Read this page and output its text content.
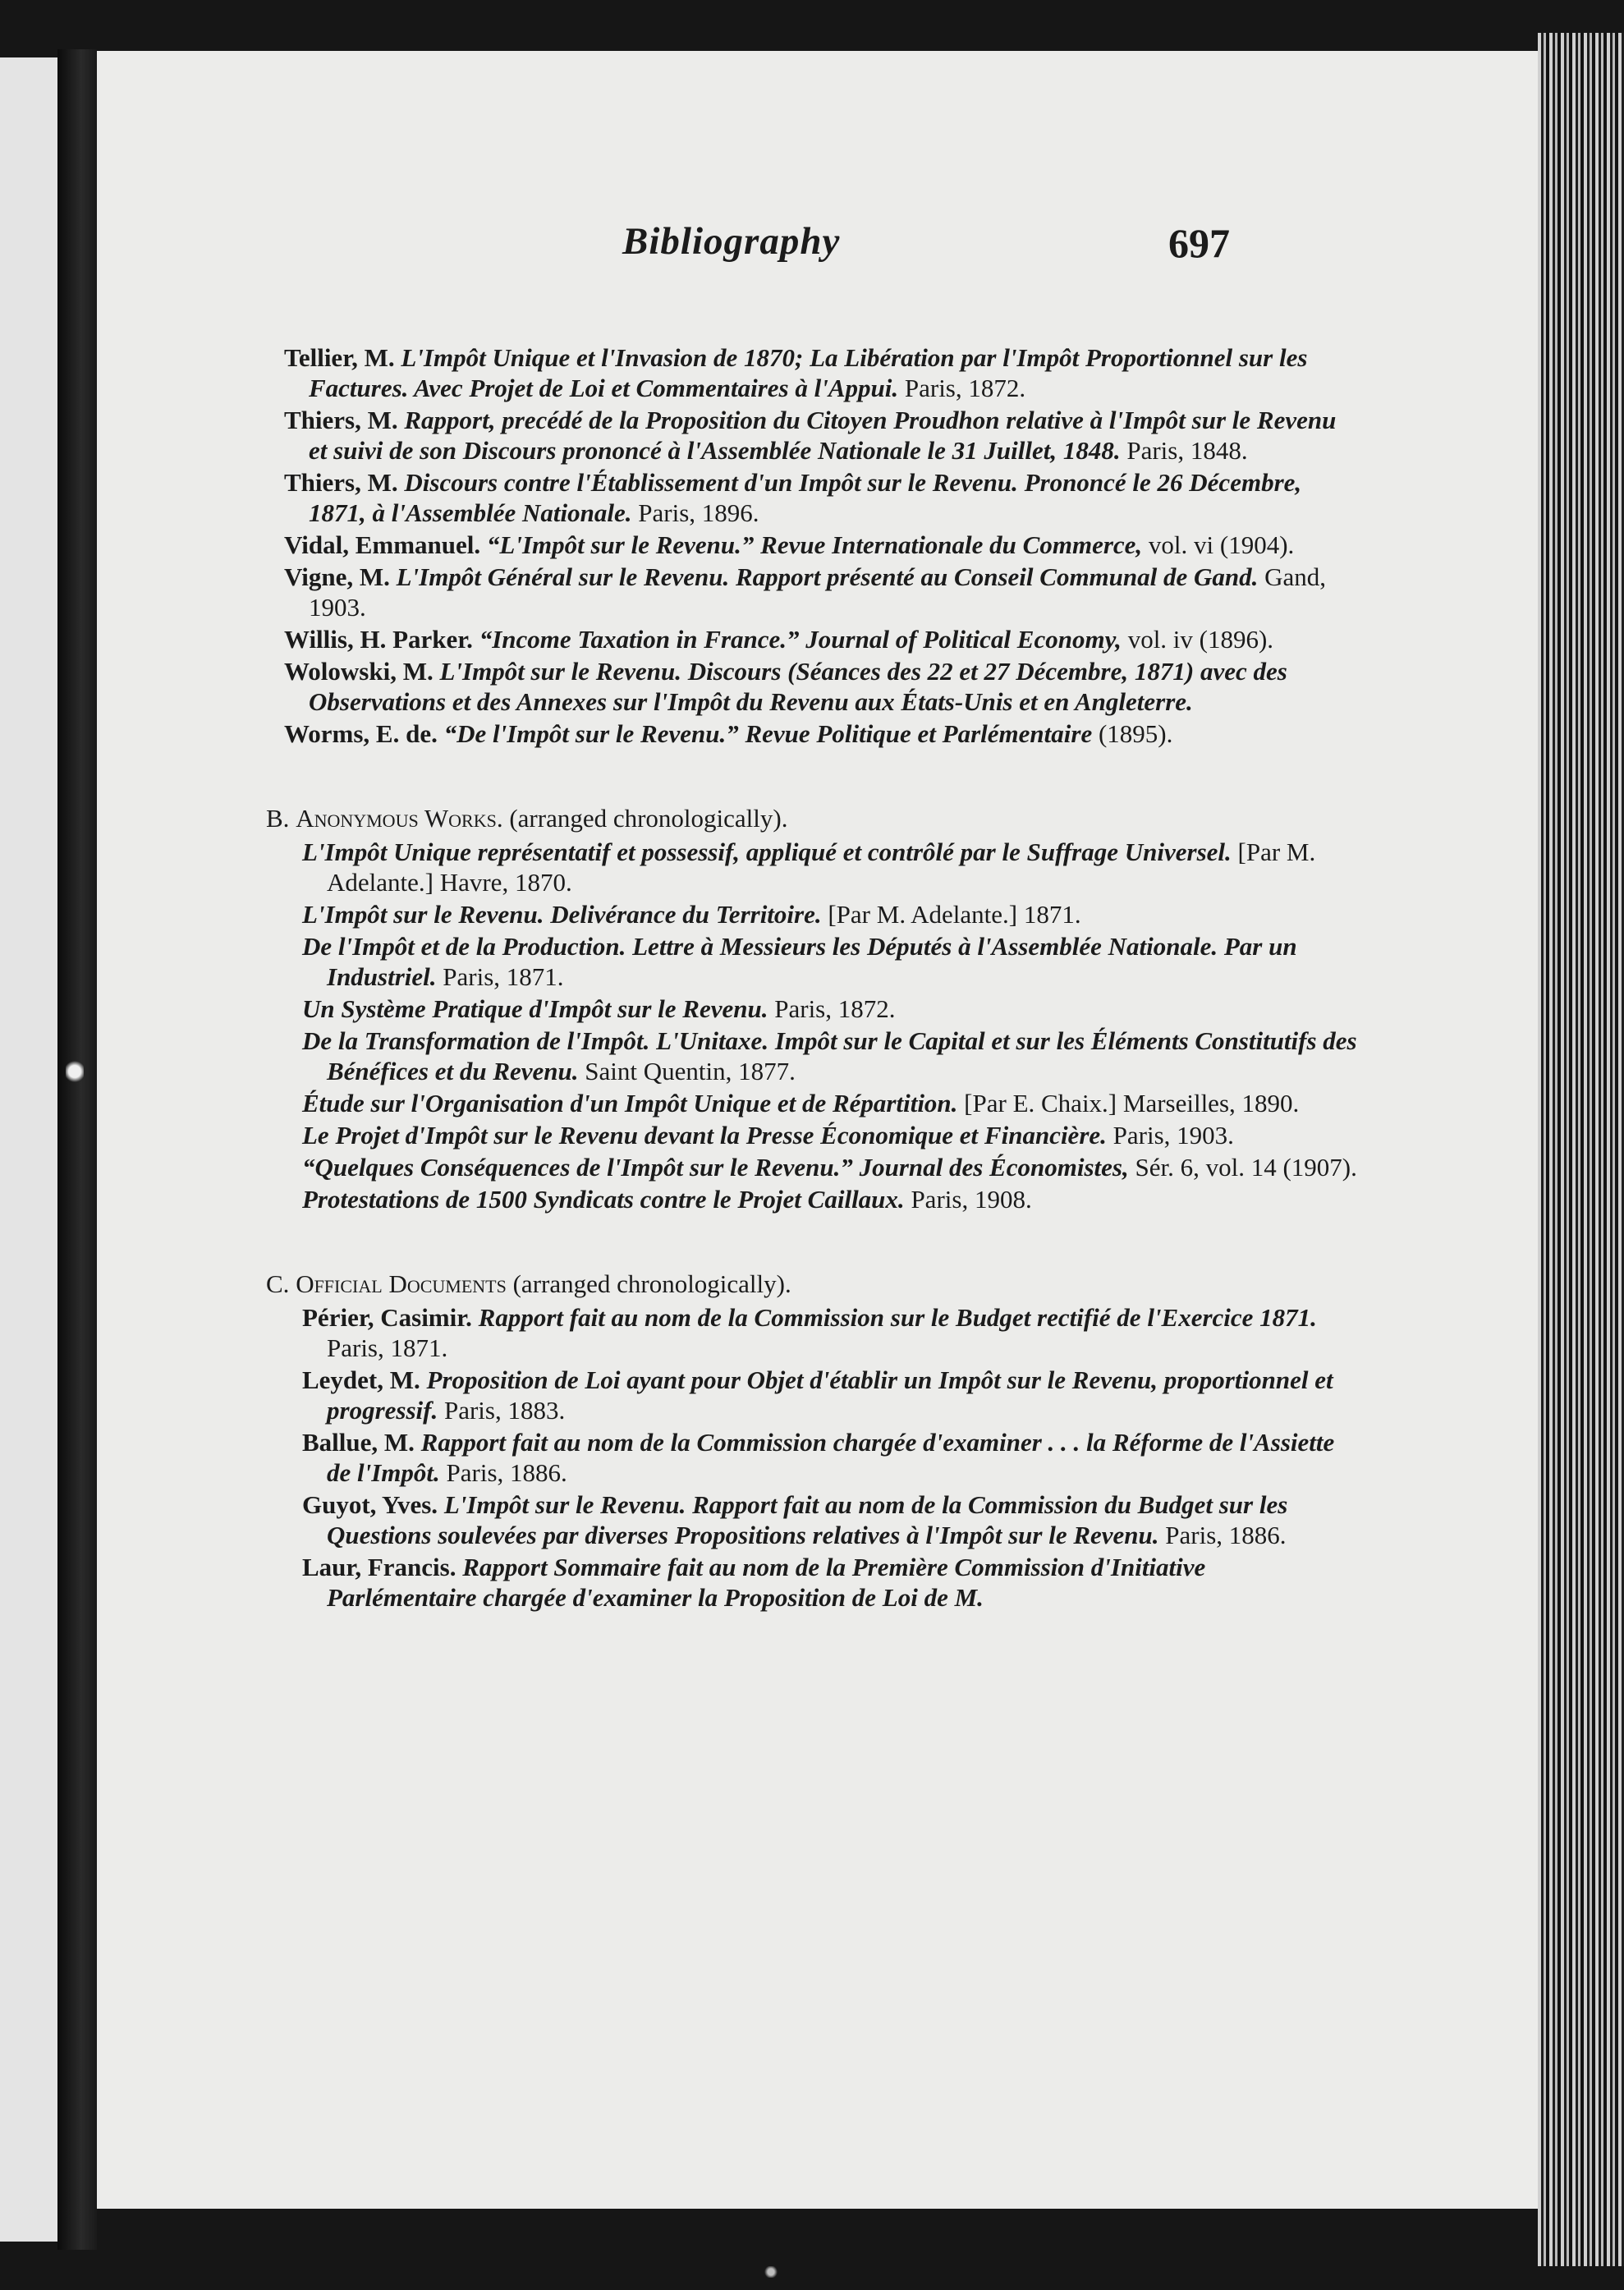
Bibliography	697
Tellier, M. L'Impôt Unique et l'Invasion de 1870; La Libération par l'Impôt Proportionnel sur les Factures. Avec Projet de Loi et Commentaires à l'Appui. Paris, 1872.
Thiers, M. Rapport, precédé de la Proposition du Citoyen Proudhon relative à l'Impôt sur le Revenu et suivi de son Discours prononcé à l'Assemblée Nationale le 31 Juillet, 1848. Paris, 1848.
Thiers, M. Discours contre l'Établissement d'un Impôt sur le Revenu. Prononcé le 26 Décembre, 1871, à l'Assemblée Nationale. Paris, 1896.
Vidal, Emmanuel. “L'Impôt sur le Revenu.” Revue Internationale du Commerce, vol. vi (1904).
Vigne, M. L'Impôt Général sur le Revenu. Rapport présenté au Conseil Communal de Gand. Gand, 1903.
Willis, H. Parker. “Income Taxation in France.” Journal of Political Economy, vol. iv (1896).
Wolowski, M. L'Impôt sur le Revenu. Discours (Séances des 22 et 27 Décembre, 1871) avec des Observations et des Annexes sur l'Impôt du Revenu aux États-Unis et en Angleterre.
Worms, E. de. “De l'Impôt sur le Revenu.” Revue Politique et Parlémentaire (1895).
B. Anonymous Works. (arranged chronologically).
L'Impôt Unique représentatif et possessif, appliqué et contrôlé par le Suffrage Universel. [Par M. Adelante.] Havre, 1870.
L'Impôt sur le Revenu. Delivérance du Territoire. [Par M. Adelante.] 1871.
De l'Impôt et de la Production. Lettre à Messieurs les Députés à l'Assemblée Nationale. Par un Industriel. Paris, 1871.
Un Système Pratique d'Impôt sur le Revenu. Paris, 1872.
De la Transformation de l'Impôt. L'Unitaxe. Impôt sur le Capital et sur les Éléments Constitutifs des Bénéfices et du Revenu. Saint Quentin, 1877.
Étude sur l'Organisation d'un Impôt Unique et de Répartition. [Par E. Chaix.] Marseilles, 1890.
Le Projet d'Impôt sur le Revenu devant la Presse Économique et Financière. Paris, 1903.
“Quelques Conséquences de l'Impôt sur le Revenu.” Journal des Économistes, Sér. 6, vol. 14 (1907).
Protestations de 1500 Syndicats contre le Projet Caillaux. Paris, 1908.
C. Official Documents (arranged chronologically).
Périer, Casimir. Rapport fait au nom de la Commission sur le Budget rectifié de l'Exercice 1871. Paris, 1871.
Leydet, M. Proposition de Loi ayant pour Objet d'établir un Impôt sur le Revenu, proportionnel et progressif. Paris, 1883.
Ballue, M. Rapport fait au nom de la Commission chargée d'examiner . . . la Réforme de l'Assiette de l'Impôt. Paris, 1886.
Guyot, Yves. L'Impôt sur le Revenu. Rapport fait au nom de la Commission du Budget sur les Questions soulevées par diverses Propositions relatives à l'Impôt sur le Revenu. Paris, 1886.
Laur, Francis. Rapport Sommaire fait au nom de la Première Commission d'Initiative Parlémentaire chargée d'examiner la Proposition de Loi de M.
